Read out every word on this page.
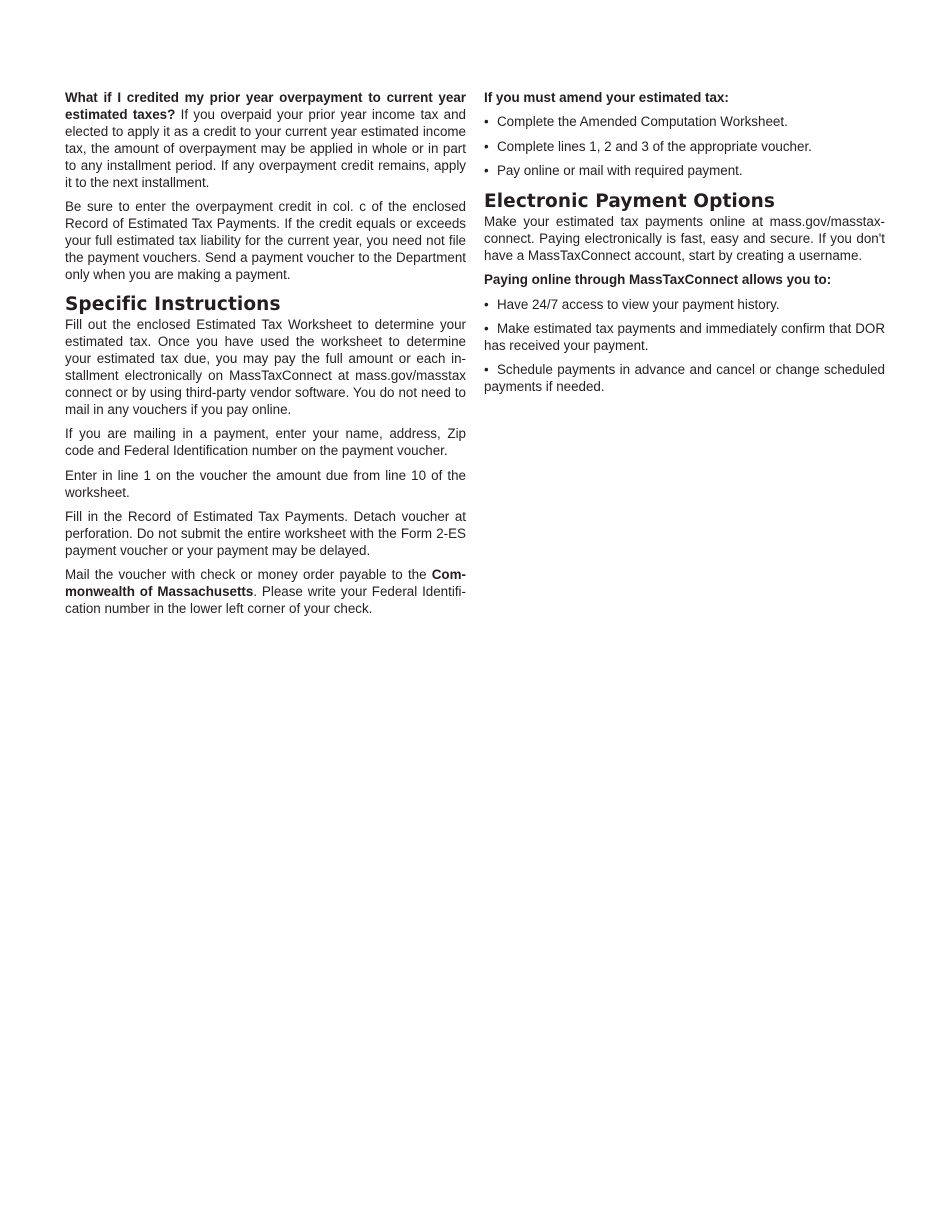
What if I credited my prior year overpayment to current year estimated taxes? If you overpaid your prior year income tax and elected to apply it as a credit to your current year estimated income tax, the amount of overpayment may be applied in whole or in part to any installment period. If any overpayment credit remains, apply it to the next installment.

Be sure to enter the overpayment credit in col. c of the enclosed Record of Estimated Tax Payments. If the credit equals or exceeds your full estimated tax liability for the current year, you need not file the payment vouchers. Send a payment voucher to the Department only when you are making a payment.

Specific Instructions

Fill out the enclosed Estimated Tax Worksheet to determine your estimated tax. Once you have used the worksheet to determine your estimated tax due, you may pay the full amount or each installment electronically on MassTaxConnect at mass.gov/masstax connect or by using third-party vendor software. You do not need to mail in any vouchers if you pay online.

If you are mailing in a payment, enter your name, address, Zip code and Federal Identification number on the payment voucher.

Enter in line 1 on the voucher the amount due from line 10 of the worksheet.

Fill in the Record of Estimated Tax Payments. Detach voucher at perforation. Do not submit the entire worksheet with the Form 2-ES payment voucher or your payment may be delayed.

Mail the voucher with check or money order payable to the Commonwealth of Massachusetts. Please write your Federal Identification number in the lower left corner of your check.

If you must amend your estimated tax:

• Complete the Amended Computation Worksheet.
• Complete lines 1, 2 and 3 of the appropriate voucher.
• Pay online or mail with required payment.
Electronic Payment Options

Make your estimated tax payments online at mass.gov/masstaxconnect. Paying electronically is fast, easy and secure. If you don't have a MassTaxConnect account, start by creating a username.

Paying online through MassTaxConnect allows you to:

• Have 24/7 access to view your payment history.
• Make estimated tax payments and immediately confirm that DOR has received your payment.
• Schedule payments in advance and cancel or change scheduled payments if needed.
